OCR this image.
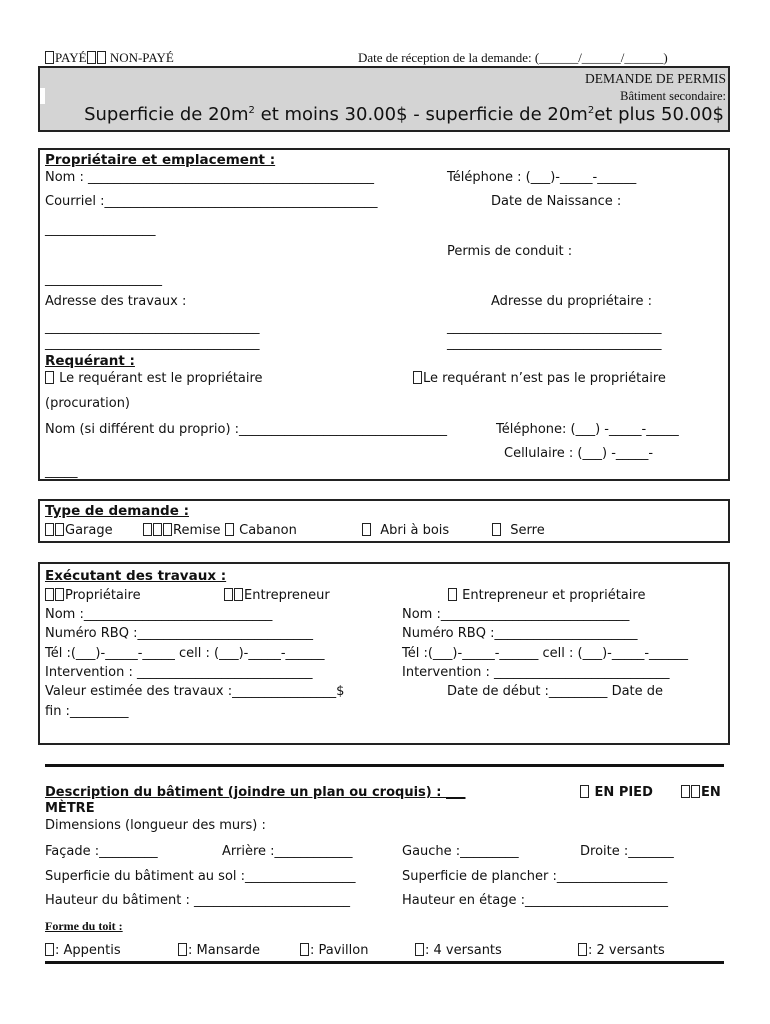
PAYÉ NON-PAYÉ	Date de réception de la demande: (______/______/______)
DEMANDE DE PERMIS
Bâtiment secondaire:
Superficie de $20m^2$ et moins 30.00$ - superficie de $20m^2et$ plus 50.00$
Propriétaire et emplacement :
Nom : ____________________________________________	Téléphone : (___)-_____-______
Courriel :__________________________________________	Date de Naissance :
_________________
Permis de conduit :
__________________
Adresse des travaux :	Adresse du propriétaire :
_________________________________
_________________________________
_________________________________
_________________________________
Requérant :
Le requérant est le propriétaire	Le requérant n’est pas le propriétaire
(procuration)
Nom (si différent du proprio) :________________________________	Téléphone: (___) -_____-_____
Cellulaire : (___) -_____-
_____
Type de demande :
Garage	Remise	Cabanon	Abri à bois	Serre
Exécutant des travaux :
Propriétaire	Entrepreneur	Entrepreneur et propriétaire
Nom :_____________________________	Nom :_____________________________
Numéro RBQ :___________________________	Numéro RBQ :______________________
Tél :(___)-_____-_____ cell : (___)-_____-______	Tél :(___)-_____-______ cell : (___)-_____-______
Intervention : ___________________________	Intervention : ___________________________
Valeur estimée des travaux :________________$	Date de début :_________ Date de
fin :_________
Description du bâtiment (joindre un plan ou croquis) : ___	EN PIED	EN
MÈTRE
Dimensions (longueur des murs) :
Façade :_________	Arrière :____________	Gauche :_________	Droite :_______
Superficie du bâtiment au sol :_________________	Superficie de plancher :_________________
Hauteur du bâtiment : ________________________	Hauteur en étage :______________________
Forme du toit :
: Appentis	: Mansarde	: Pavillon	: 4 versants	: 2 versants
